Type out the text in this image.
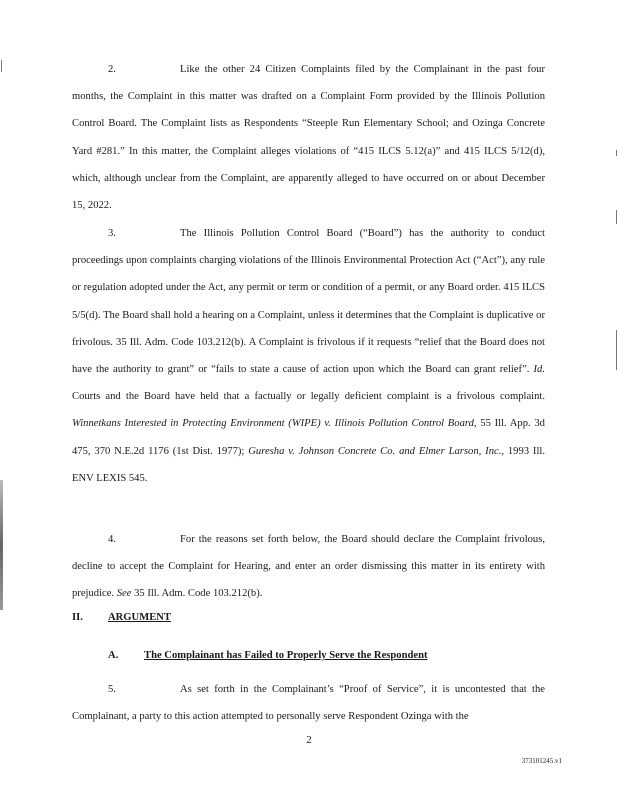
2.	Like the other 24 Citizen Complaints filed by the Complainant in the past four months, the Complaint in this matter was drafted on a Complaint Form provided by the Illinois Pollution Control Board. The Complaint lists as Respondents “Steeple Run Elementary School; and Ozinga Concrete Yard #281.” In this matter, the Complaint alleges violations of “415 ILCS 5.12(a)” and 415 ILCS 5/12(d), which, although unclear from the Complaint, are apparently alleged to have occurred on or about December 15, 2022.

3.	The Illinois Pollution Control Board (“Board”) has the authority to conduct proceedings upon complaints charging violations of the Illinois Environmental Protection Act (“Act”), any rule or regulation adopted under the Act, any permit or term or condition of a permit, or any Board order. 415 ILCS 5/5(d). The Board shall hold a hearing on a Complaint, unless it determines that the Complaint is duplicative or frivolous. 35 Ill. Adm. Code 103.212(b). A Complaint is frivolous if it requests “relief that the Board does not have the authority to grant” or “fails to state a cause of action upon which the Board can grant relief”. Id. Courts and the Board have held that a factually or legally deficient complaint is a frivolous complaint. Winnetkans Interested in Protecting Environment (WIPE) v. Illinois Pollution Control Board, 55 Ill. App. 3d 475, 370 N.E.2d 1176 (1st Dist. 1977); Guresha v. Johnson Concrete Co. and Elmer Larson, Inc., 1993 Ill. ENV LEXIS 545.

4.	For the reasons set forth below, the Board should declare the Complaint frivolous, decline to accept the Complaint for Hearing, and enter an order dismissing this matter in its entirety with prejudice. See 35 Ill. Adm. Code 103.212(b).

II. ARGUMENT
A. The Complainant has Failed to Properly Serve the Respondent

5.	As set forth in the Complainant’s “Proof of Service”, it is uncontested that the Complainant, a party to this action attempted to personally serve Respondent Ozinga with the

2
373101245.v1
